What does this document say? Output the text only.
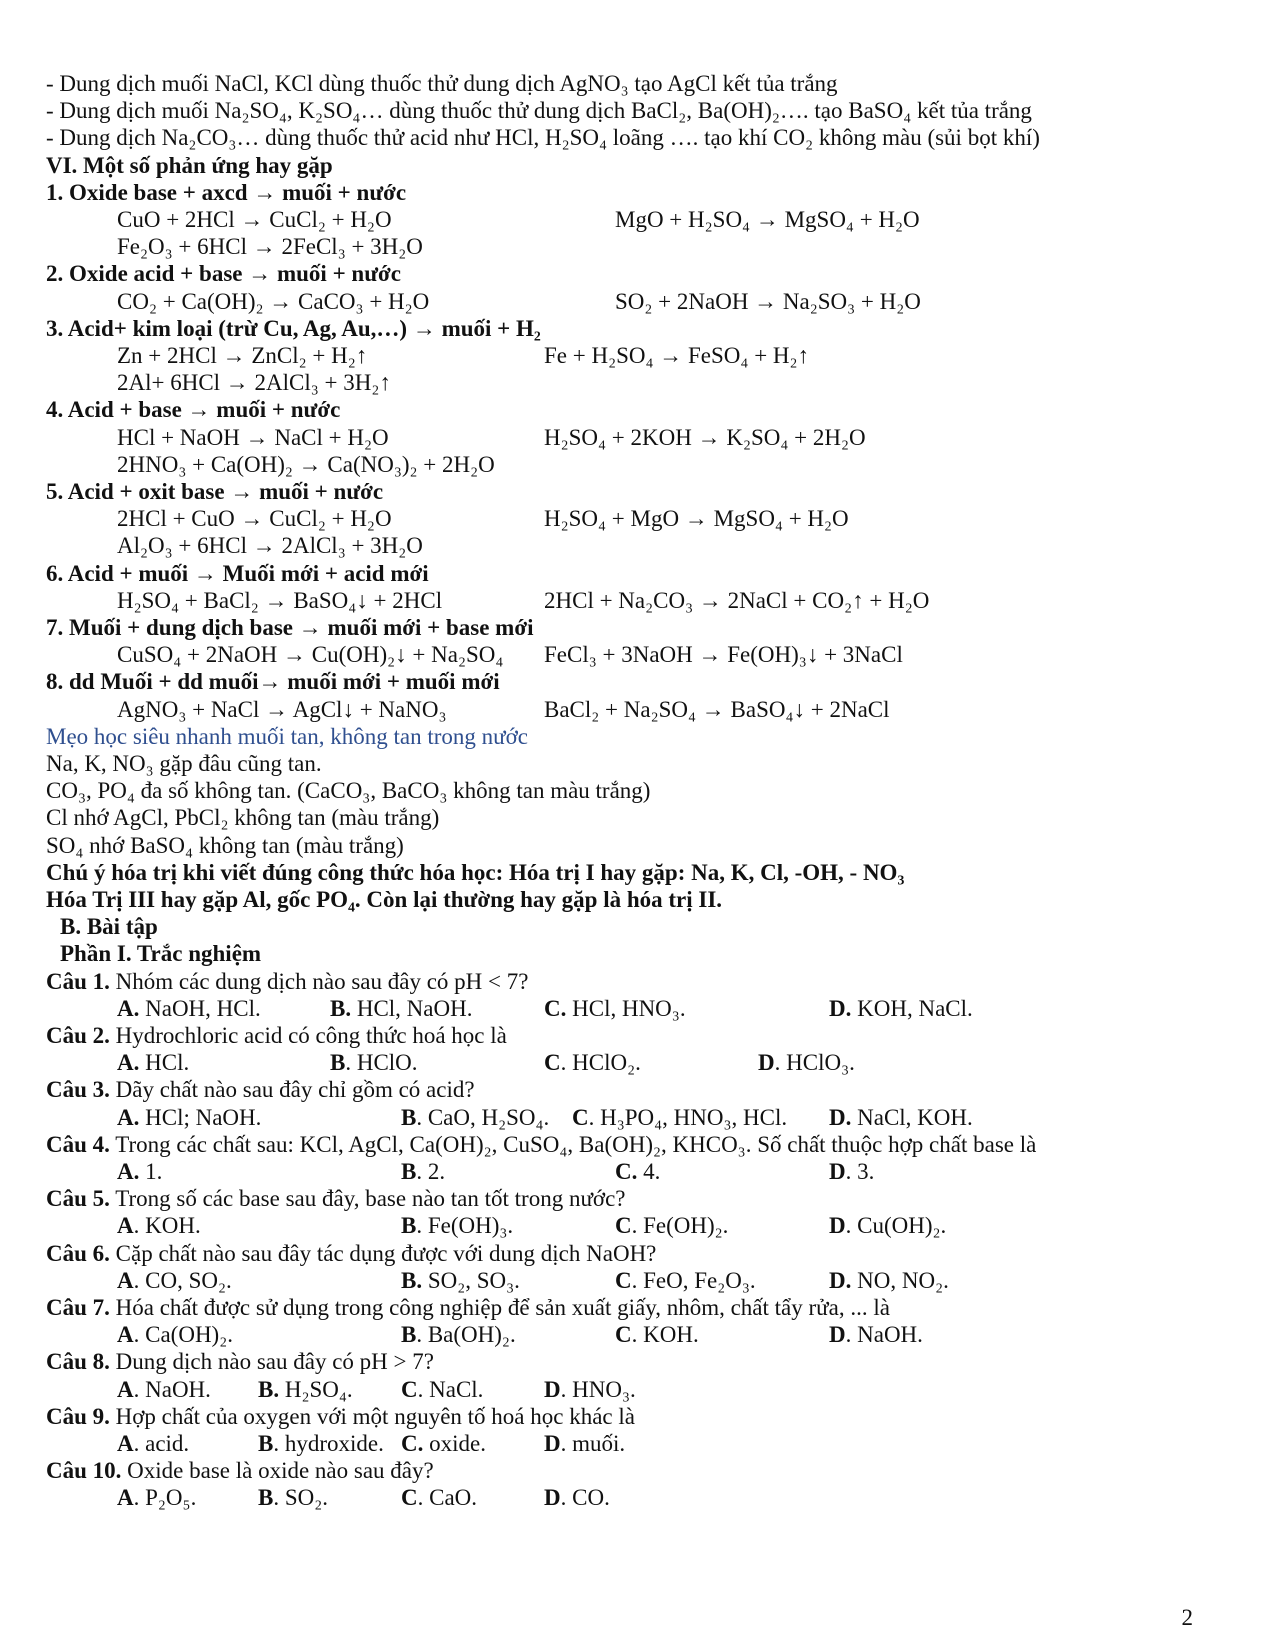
- Dung dịch muối NaCl, KCl dùng thuốc thử dung dịch AgNO₃ tạo AgCl kết tủa trắng
- Dung dịch muối Na₂SO₄, K₂SO₄… dùng thuốc thử dung dịch BaCl₂, Ba(OH)₂…. tạo BaSO₄ kết tủa trắng
- Dung dịch Na₂CO₃… dùng thuốc thử acid như HCl, H₂SO₄ loãng …. tạo khí CO₂ không màu (sủi bọt khí)
VI. Một số phản ứng hay gặp
1. Oxide base + axcd → muối + nước
CuO + 2HCl → CuCl₂ + H₂O	MgO + H₂SO₄ → MgSO₄ + H₂O
Fe₂O₃ + 6HCl → 2FeCl₃ + 3H₂O
2. Oxide acid + base → muối + nước
CO₂ + Ca(OH)₂ → CaCO₃ + H₂O	SO₂ + 2NaOH → Na₂SO₃ + H₂O
3. Acid+ kim loại (trừ Cu, Ag, Au,…) → muối + H₂
Zn + 2HCl → ZnCl₂ + H₂↑	Fe + H₂SO₄ → FeSO₄ + H₂↑
2Al+ 6HCl → 2AlCl₃ + 3H₂↑
4. Acid + base → muối + nước
HCl + NaOH → NaCl + H₂O	H₂SO₄ + 2KOH → K₂SO₄ + 2H₂O
2HNO₃ + Ca(OH)₂ → Ca(NO₃)₂ + 2H₂O
5. Acid + oxit base → muối + nước
2HCl + CuO → CuCl₂ + H₂O	H₂SO₄ + MgO → MgSO₄ + H₂O
Al₂O₃ + 6HCl → 2AlCl₃ + 3H₂O
6. Acid + muối → Muối mới + acid mới
H₂SO₄ + BaCl₂ → BaSO₄↓ + 2HCl	2HCl + Na₂CO₃ → 2NaCl + CO₂↑ + H₂O
7. Muối + dung dịch base → muối mới + base mới
CuSO₄ + 2NaOH → Cu(OH)₂↓ + Na₂SO₄ FeCl₃ + 3NaOH → Fe(OH)₃↓ + 3NaCl
8. dd Muối + dd muối→ muối mới + muối mới
AgNO₃ + NaCl → AgCl↓ + NaNO₃	BaCl₂ + Na₂SO₄ → BaSO₄↓ + 2NaCl
Mẹo học siêu nhanh muối tan, không tan trong nước
Na, K, NO₃ gặp đâu cũng tan.
CO₃, PO₄ đa số không tan. (CaCO₃, BaCO₃ không tan màu trắng)
Cl nhớ AgCl, PbCl₂ không tan (màu trắng)
SO₄ nhớ BaSO₄ không tan (màu trắng)
Chú ý hóa trị khi viết đúng công thức hóa học: Hóa trị I hay gặp: Na, K, Cl, -OH, - NO₃
Hóa Trị III hay gặp Al, gốc PO₄. Còn lại thường hay gặp là hóa trị II.
B. Bài tập
Phần I. Trắc nghiệm
Câu 1. Nhóm các dung dịch nào sau đây có pH < 7?
A. NaOH, HCl.	B. HCl, NaOH.	C. HCl, HNO₃.	D. KOH, NaCl.
Câu 2. Hydrochloric acid có công thức hoá học là
A. HCl.	B. HClO.	C. HClO₂.	D. HClO₃.
Câu 3. Dãy chất nào sau đây chỉ gồm có acid?
A. HCl; NaOH.	B. CaO, H₂SO₄. C. H₃PO₄, HNO₃, HCl. D. NaCl, KOH.
Câu 4. Trong các chất sau: KCl, AgCl, Ca(OH)₂, CuSO₄, Ba(OH)₂, KHCO₃. Số chất thuộc hợp chất base là
A. 1.	B. 2.	C. 4.	D. 3.
Câu 5. Trong số các base sau đây, base nào tan tốt trong nước?
A. KOH.	B. Fe(OH)₃.	C. Fe(OH)₂.	D. Cu(OH)₂.
Câu 6. Cặp chất nào sau đây tác dụng được với dung dịch NaOH?
A. CO, SO₂.	B. SO₂, SO₃.	C. FeO, Fe₂O₃.	D. NO, NO₂.
Câu 7. Hóa chất được sử dụng trong công nghiệp để sản xuất giấy, nhôm, chất tẩy rửa, ... là
A. Ca(OH)₂.	B. Ba(OH)₂.	C. KOH.	D. NaOH.
Câu 8. Dung dịch nào sau đây có pH > 7?
A. NaOH. B. H₂SO₄. C. NaCl.	D. HNO₃.
Câu 9. Hợp chất của oxygen với một nguyên tố hoá học khác là
A. acid.	B. hydroxide. C. oxide.	D. muối.
Câu 10. Oxide base là oxide nào sau đây?
A. P₂O₅.	B. SO₂.	C. CaO.	D. CO.
2
